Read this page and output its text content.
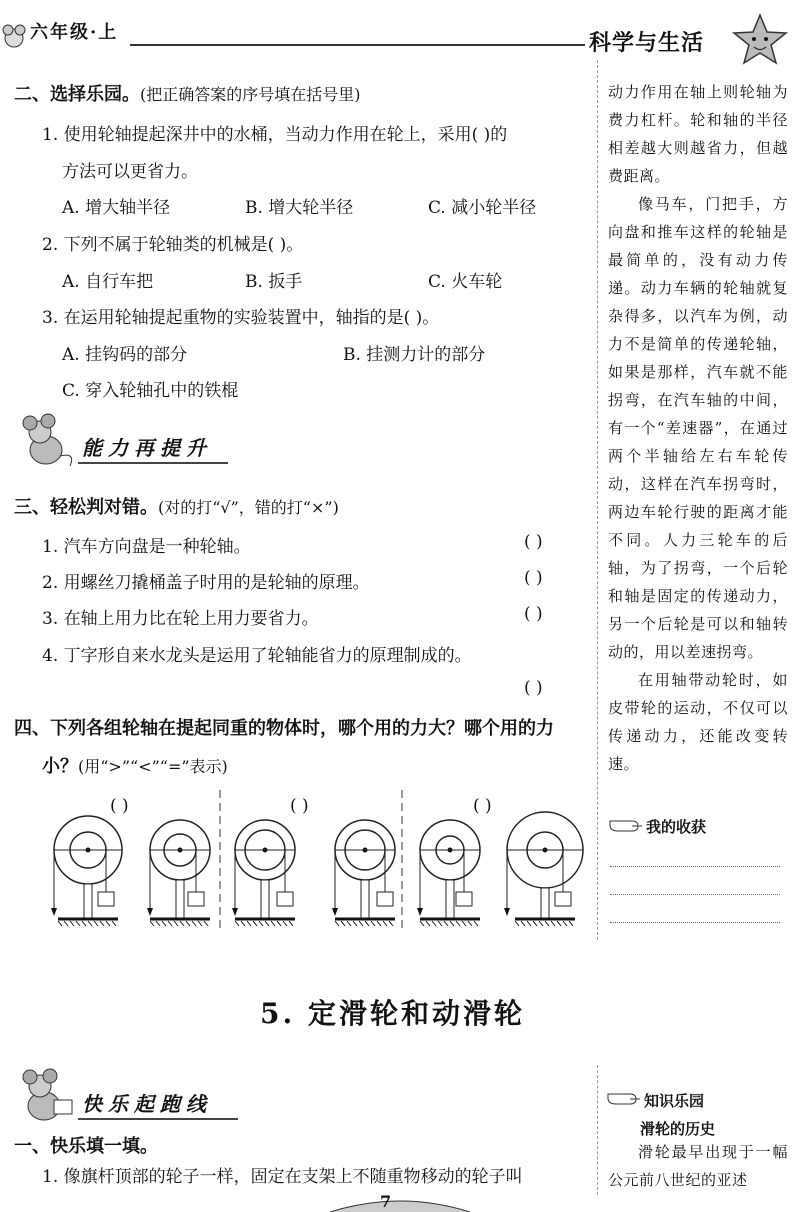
六年级·上	科学与生活
二、选择乐园。(把正确答案的序号填在括号里)
1. 使用轮轴提起深井中的水桶，当动力作用在轮上，采用( )的
方法可以更省力。
A. 增大轴半径	B. 增大轮半径	C. 减小轮半径
2. 下列不属于轮轴类的机械是( )。
A. 自行车把	B. 扳手	C. 火车轮
3. 在运用轮轴提起重物的实验装置中，轴指的是( )。
A. 挂钩码的部分	B. 挂测力计的部分
C. 穿入轮轴孔中的铁棍
能力再提升
三、轻松判对错。(对的打“√”，错的打“×”)
1. 汽车方向盘是一种轮轴。	( )
2. 用螺丝刀撬桶盖子时用的是轮轴的原理。	( )
3. 在轴上用力比在轮上用力要省力。	( )
4. 丁字形自来水龙头是运用了轮轴能省力的原理制成的。
( )
四、下列各组轮轴在提起同重的物体时，哪个用的力大？哪个用的力
小？(用“>”“<”“=”表示)
( )	( )	( )

动力作用在轴上则轮轴为费力杠杆。轮和轴的半径相差越大则越省力，但越费距离。

像马车，门把手，方向盘和推车这样的轮轴是最简单的，没有动力传递。动力车辆的轮轴就复杂得多，以汽车为例，动力不是简单的传递轮轴，如果是那样，汽车就不能拐弯，在汽车轴的中间，有一个“差速器”，在通过两个半轴给左右车轮传动，这样在汽车拐弯时，两边车轮行驶的距离才能不同。人力三轮车的后轴，为了拐弯，一个后轮和轴是固定的传递动力，另一个后轮是可以和轴转动的，用以差速拐弯。

在用轴带动轮时，如皮带轮的运动，不仅可以传递动力，还能改变转速。

我的收获
5. 定滑轮和动滑轮
快乐起跑线
一、快乐填一填。
1. 像旗杆顶部的轮子一样，固定在支架上不随重物移动的轮子叫
知识乐园
滑轮的历史
滑轮最早出现于一幅公元前八世纪的亚述
7
